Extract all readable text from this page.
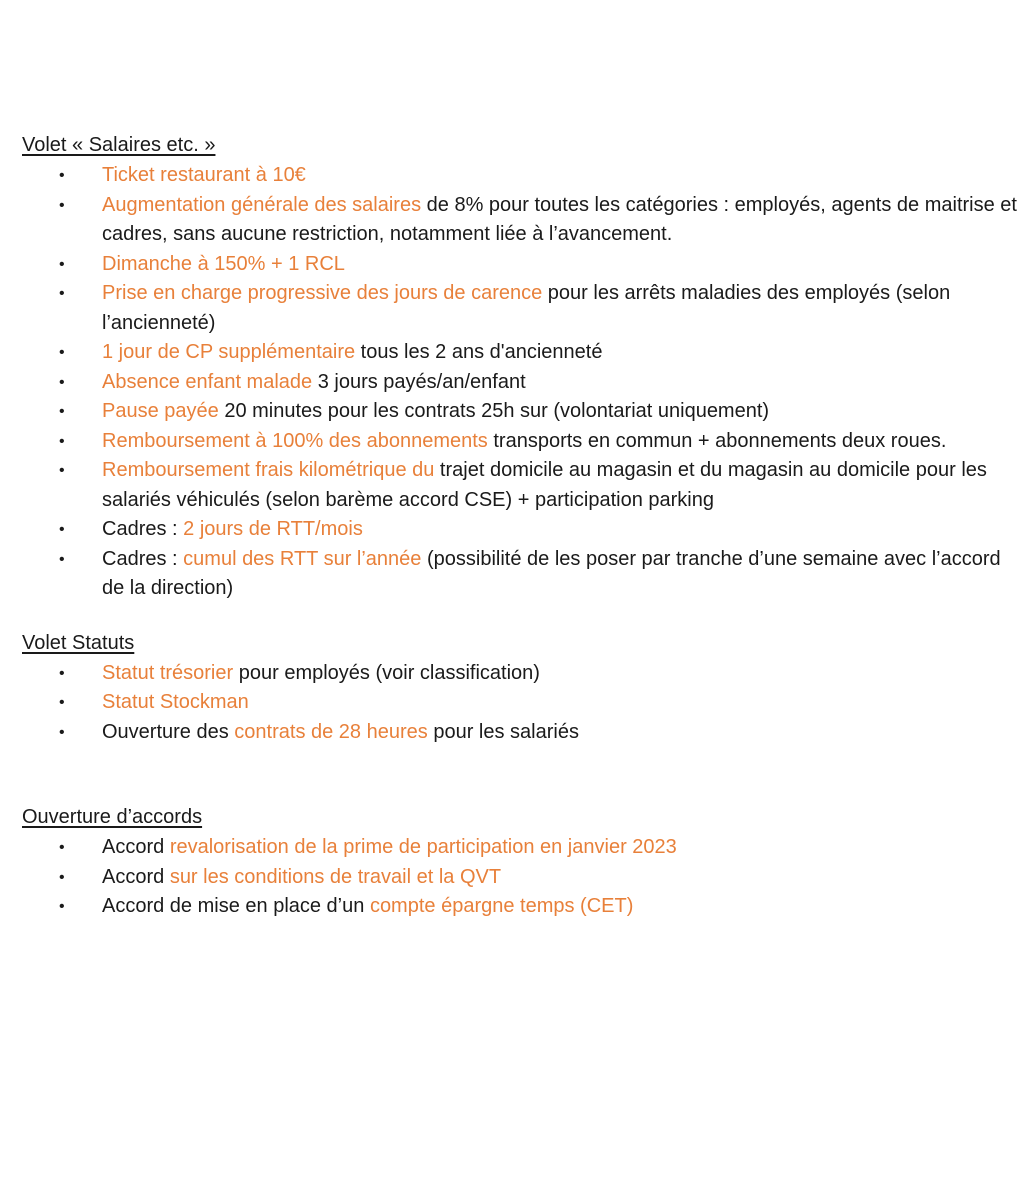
Volet « Salaires etc. »
• Ticket restaurant à 10€
• Augmentation générale des salaires de 8% pour toutes les catégories : employés, agents de maitrise et cadres, sans aucune restriction, notamment liée à l’avancement.
• Dimanche à 150% + 1 RCL
• Prise en charge progressive des jours de carence pour les arrêts maladies des employés (selon l’ancienneté)
• 1 jour de CP supplémentaire tous les 2 ans d'ancienneté
• Absence enfant malade 3 jours payés/an/enfant
• Pause payée 20 minutes pour les contrats 25h sur (volontariat uniquement)
• Remboursement à 100% des abonnements transports en commun + abonnements deux roues.
• Remboursement frais kilométrique du trajet domicile au magasin et du magasin au domicile pour les salariés véhiculés (selon barème accord CSE) + participation parking
• Cadres : 2 jours de RTT/mois
• Cadres : cumul des RTT sur l’année (possibilité de les poser par tranche d’une semaine avec l’accord de la direction)
Volet Statuts
• Statut trésorier pour employés (voir classification)
• Statut Stockman
• Ouverture des contrats de 28 heures pour les salariés
Ouverture d’accords
• Accord revalorisation de la prime de participation en janvier 2023
• Accord sur les conditions de travail et la QVT
• Accord de mise en place d’un compte épargne temps (CET)
